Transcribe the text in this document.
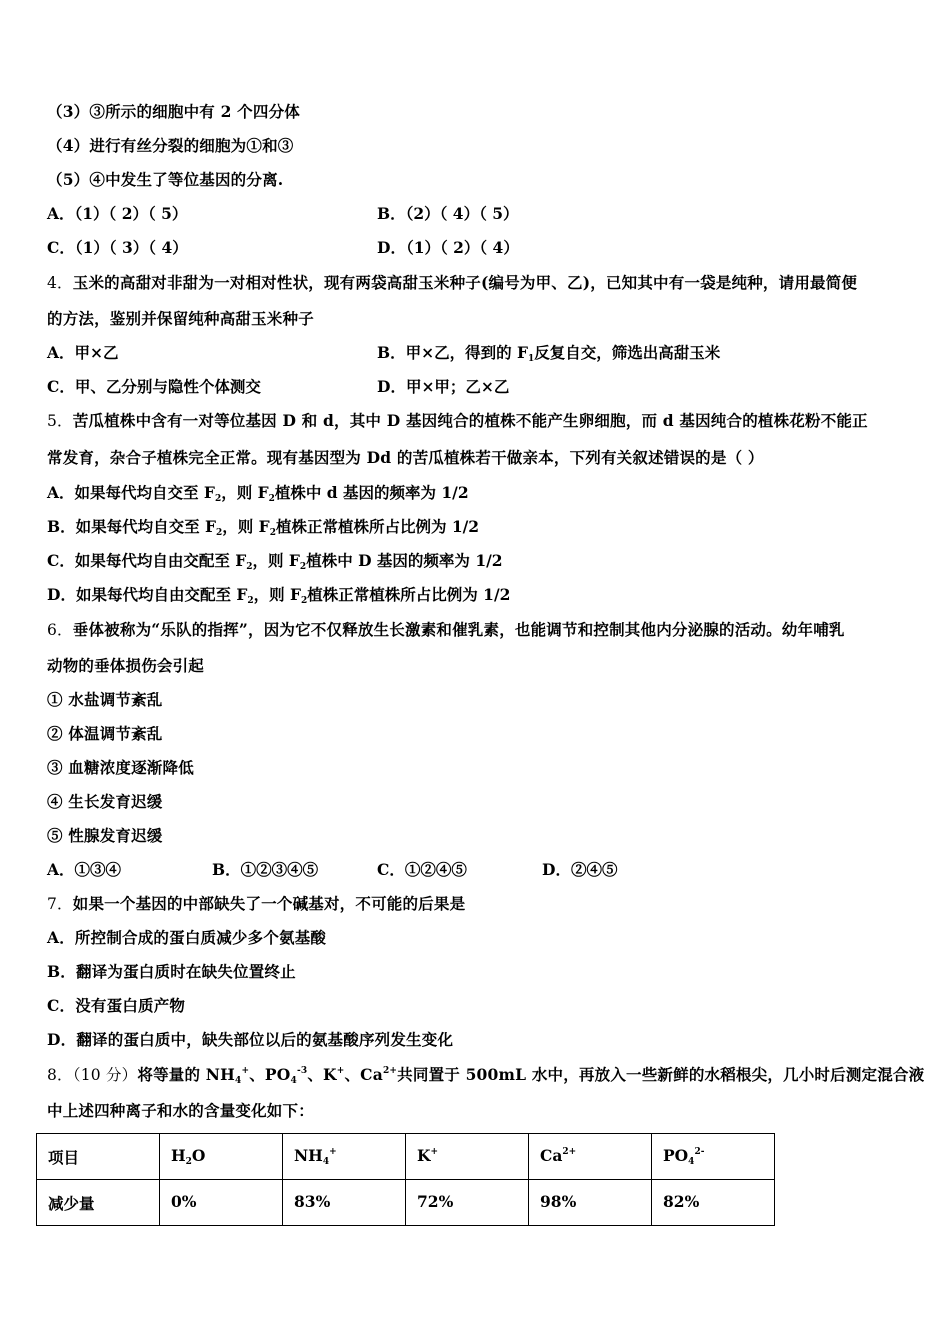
（3）③所示的细胞中有 2 个四分体
（4）进行有丝分裂的细胞为①和③
（5）④中发生了等位基因的分离.
A．（1）（ 2）（ 5）	B．（2）（ 4）（ 5）
C．（1）（ 3）（ 4）	D．（1）（ 2）（ 4）
4．玉米的高甜对非甜为一对相对性状，现有两袋高甜玉米种子(编号为甲、乙)，已知其中有一袋是纯种，请用最简便
的方法，鉴别并保留纯种高甜玉米种子
A．甲×乙	B．甲×乙，得到的 $F_1$反复自交，筛选出高甜玉米
C．甲、乙分别与隐性个体测交	D．甲×甲；乙×乙
5．苦瓜植株中含有一对等位基因 D 和 d，其中 D 基因纯合的植株不能产生卵细胞，而 d 基因纯合的植株花粉不能正
常发育，杂合子植株完全正常。现有基因型为 Dd 的苦瓜植株若干做亲本，下列有关叙述错误的是（ ）
A．如果每代均自交至 $F_2$，则 $F_2$植株中 d 基因的频率为 1/2
B．如果每代均自交至 $F_2$，则 $F_2$植株正常植株所占比例为 1/2
C．如果每代均自由交配至 $F_2$，则 $F_2$植株中 D 基因的频率为 1/2
D．如果每代均自由交配至 $F_2$，则 $F_2$植株正常植株所占比例为 1/2
6．垂体被称为“乐队的指挥”，因为它不仅释放生长激素和催乳素，也能调节和控制其他内分泌腺的活动。幼年哺乳
动物的垂体损伤会引起
① 水盐调节紊乱
② 体温调节紊乱
③ 血糖浓度逐渐降低
④ 生长发育迟缓
⑤ 性腺发育迟缓
A．①③④	B．①②③④⑤	C．①②④⑤	D．②④⑤
7．如果一个基因的中部缺失了一个碱基对，不可能的后果是
A．所控制合成的蛋白质减少多个氨基酸
B．翻译为蛋白质时在缺失位置终止
C．没有蛋白质产物
D．翻译的蛋白质中，缺失部位以后的氨基酸序列发生变化
8．（10 分）将等量的 $NH_4^+$、$PO_4^{-3}$、K+、$Ca^{2+}$共同置于 500mL 水中，再放入一些新鲜的水稻根尖，几小时后测定混合液
中上述四种离子和水的含量变化如下：
项目	$H_2O$	$NH_4^+$	K+	$Ca^{2+}$	$PO_4^{2-}$
减少量	0%	83%	72%	98%	82%
